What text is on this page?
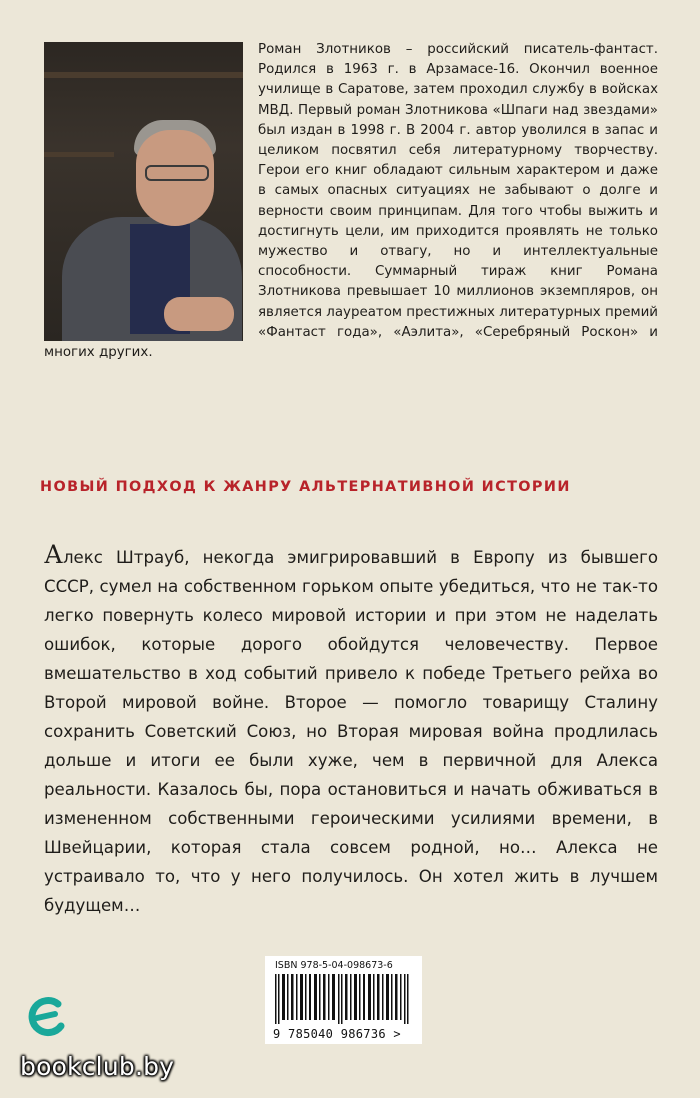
Роман Злотников – российский писатель-фантаст. Родился в 1963 г. в Арзамасе-16. Окончил военное училище в Саратове, затем проходил службу в войсках МВД. Первый роман Злотникова «Шпаги над звездами» был издан в 1998 г. В 2004 г. автор уволился в запас и целиком посвятил себя литературному творчеству. Герои его книг обладают сильным характером и даже в самых опасных ситуациях не забывают о долге и верности своим принципам. Для того чтобы выжить и достигнуть цели, им приходится проявлять не только мужество и отвагу, но и интеллектуальные способности. Суммарный тираж книг Романа Злотникова превышает 10 миллионов экземпляров, он является лауреатом престижных литературных премий «Фантаст года», «Аэлита», «Серебряный Роскон» и многих других.

НОВЫЙ ПОДХОД К ЖАНРУ АЛЬТЕРНАТИВНОЙ ИСТОРИИ

Алекс Штрауб, некогда эмигрировавший в Европу из бывшего СССР, сумел на собственном горьком опыте убедиться, что не так-то легко повернуть колесо мировой истории и при этом не наделать ошибок, которые дорого обойдутся человечеству. Первое вмешательство в ход событий привело к победе Третьего рейха во Второй мировой войне. Второе — помогло товарищу Сталину сохранить Советский Союз, но Вторая мировая война продлилась дольше и итоги ее были хуже, чем в первичной для Алекса реальности. Казалось бы, пора остановиться и начать обживаться в измененном собственными героическими усилиями времени, в Швейцарии, которая стала совсем родной, но… Алекса не устраивало то, что у него получилось. Он хотел жить в лучшем будущем…

ISBN 978-5-04-098673-6
9 785040 986736 >

bookclub.by
